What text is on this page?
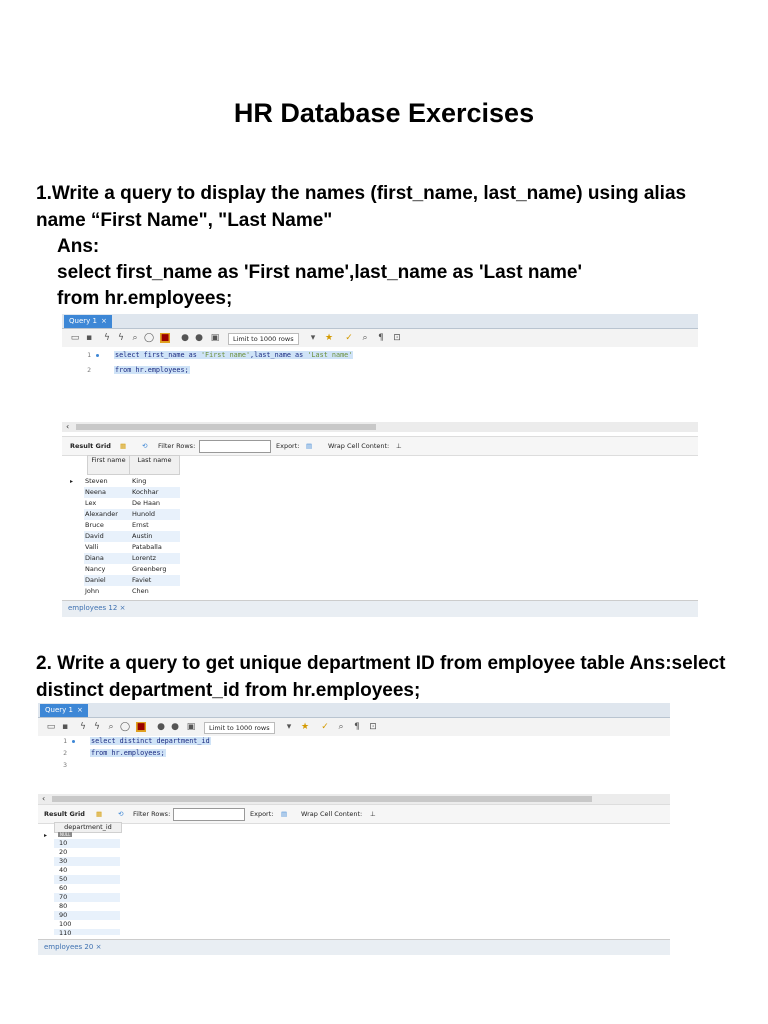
HR Database Exercises
1.Write a query to display the names (first_name, last_name) using alias name “First Name", "Last Name"
Ans:
select first_name as 'First name',last_name as 'Last name'
from hr.employees;
Query 1 ×
▭ ▪ ϟ ϟ ⌕ ◯ ■ ● ● ▣	Limit to 1000 rows	▾	★ ✓ ⌕ ¶ ⊡
1	select first_name as 'First name',last_name as 'Last name'
2	from hr.employees;
‹
Result Grid ▦ ⟲ Filter Rows:	Export: ▤ Wrap Cell Content: ⊥
First name	Last name
▸ Steven	King
Neena	Kochhar
Lex	De Haan
Alexander Hunold
Bruce	Ernst
David	Austin
Valli	Pataballa
Diana	Lorentz
Nancy	Greenberg
Daniel	Faviet
John	Chen
employees 12 ×
2. Write a query to get unique department ID from employee table Ans:select distinct department_id from hr.employees;
Query 1 ×
▭ ▪ ϟ ϟ ⌕ ◯ ■ ● ● ▣	Limit to 1000 rows	▾	★ ✓ ⌕ ¶ ⊡
1	select distinct department_id
2	from hr.employees;
3
‹
Result Grid ▦ ⟲ Filter Rows:	Export: ▤ Wrap Cell Content: ⊥
department_id
▸	NULL
10
20
30
40
50
60
70
80
90
100
110
employees 20 ×
